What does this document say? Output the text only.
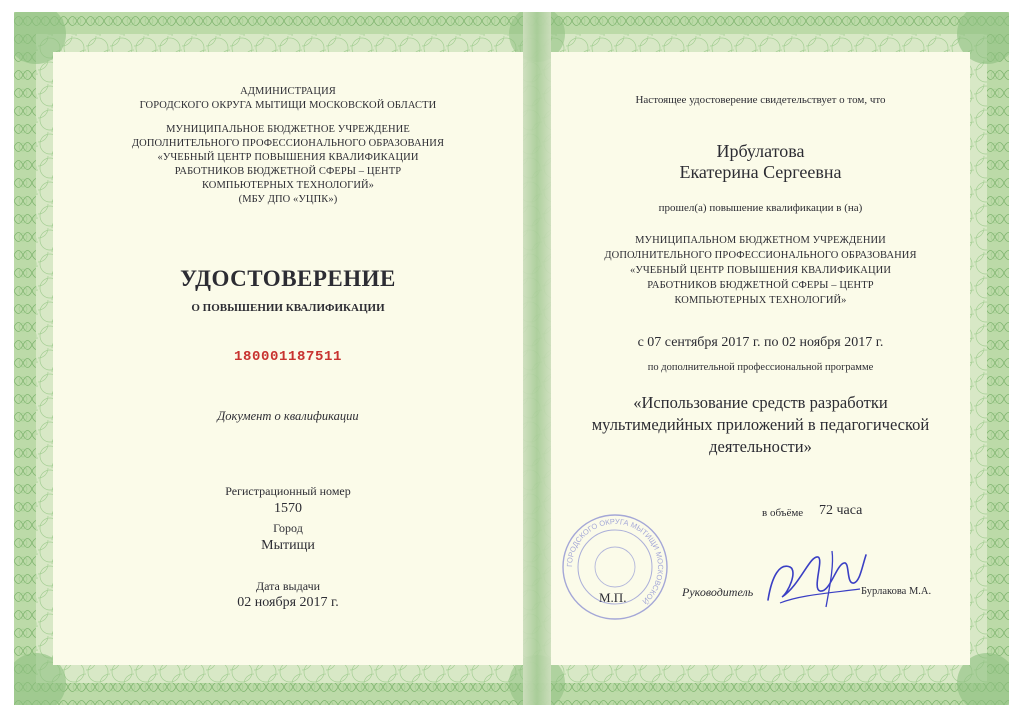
АДМИНИСТРАЦИЯ
ГОРОДСКОГО ОКРУГА МЫТИЩИ МОСКОВСКОЙ ОБЛАСТИ
МУНИЦИПАЛЬНОЕ БЮДЖЕТНОЕ УЧРЕЖДЕНИЕ
ДОПОЛНИТЕЛЬНОГО ПРОФЕССИОНАЛЬНОГО ОБРАЗОВАНИЯ
«УЧЕБНЫЙ ЦЕНТР ПОВЫШЕНИЯ КВАЛИФИКАЦИИ
РАБОТНИКОВ БЮДЖЕТНОЙ СФЕРЫ – ЦЕНТР
КОМПЬЮТЕРНЫХ ТЕХНОЛОГИЙ»
(МБУ ДПО «УЦПК»)
УДОСТОВЕРЕНИЕ
О ПОВЫШЕНИИ КВАЛИФИКАЦИИ
180001187511
Документ о квалификации
Регистрационный номер
1570
Город
Мытищи
Дата выдачи
02 ноября 2017 г.
Настоящее удостоверение свидетельствует о том, что
Ирбулатова
Екатерина Сергеевна
прошел(а) повышение квалификации в (на)
МУНИЦИПАЛЬНОМ БЮДЖЕТНОМ УЧРЕЖДЕНИИ
ДОПОЛНИТЕЛЬНОГО ПРОФЕССИОНАЛЬНОГО ОБРАЗОВАНИЯ
«УЧЕБНЫЙ ЦЕНТР ПОВЫШЕНИЯ КВАЛИФИКАЦИИ
РАБОТНИКОВ БЮДЖЕТНОЙ СФЕРЫ – ЦЕНТР
КОМПЬЮТЕРНЫХ ТЕХНОЛОГИЙ»
с 07 сентября 2017 г. по 02 ноября 2017 г.
по дополнительной профессиональной программе
«Использование средств разработки
мультимедийных приложений в педагогической
деятельности»
в объёме 72 часа
М.П.	Руководитель	Бурлакова М.А.
ГОРОДСКОГО ОКРУГА МЫТИЩИ МОСКОВСКОЙ
